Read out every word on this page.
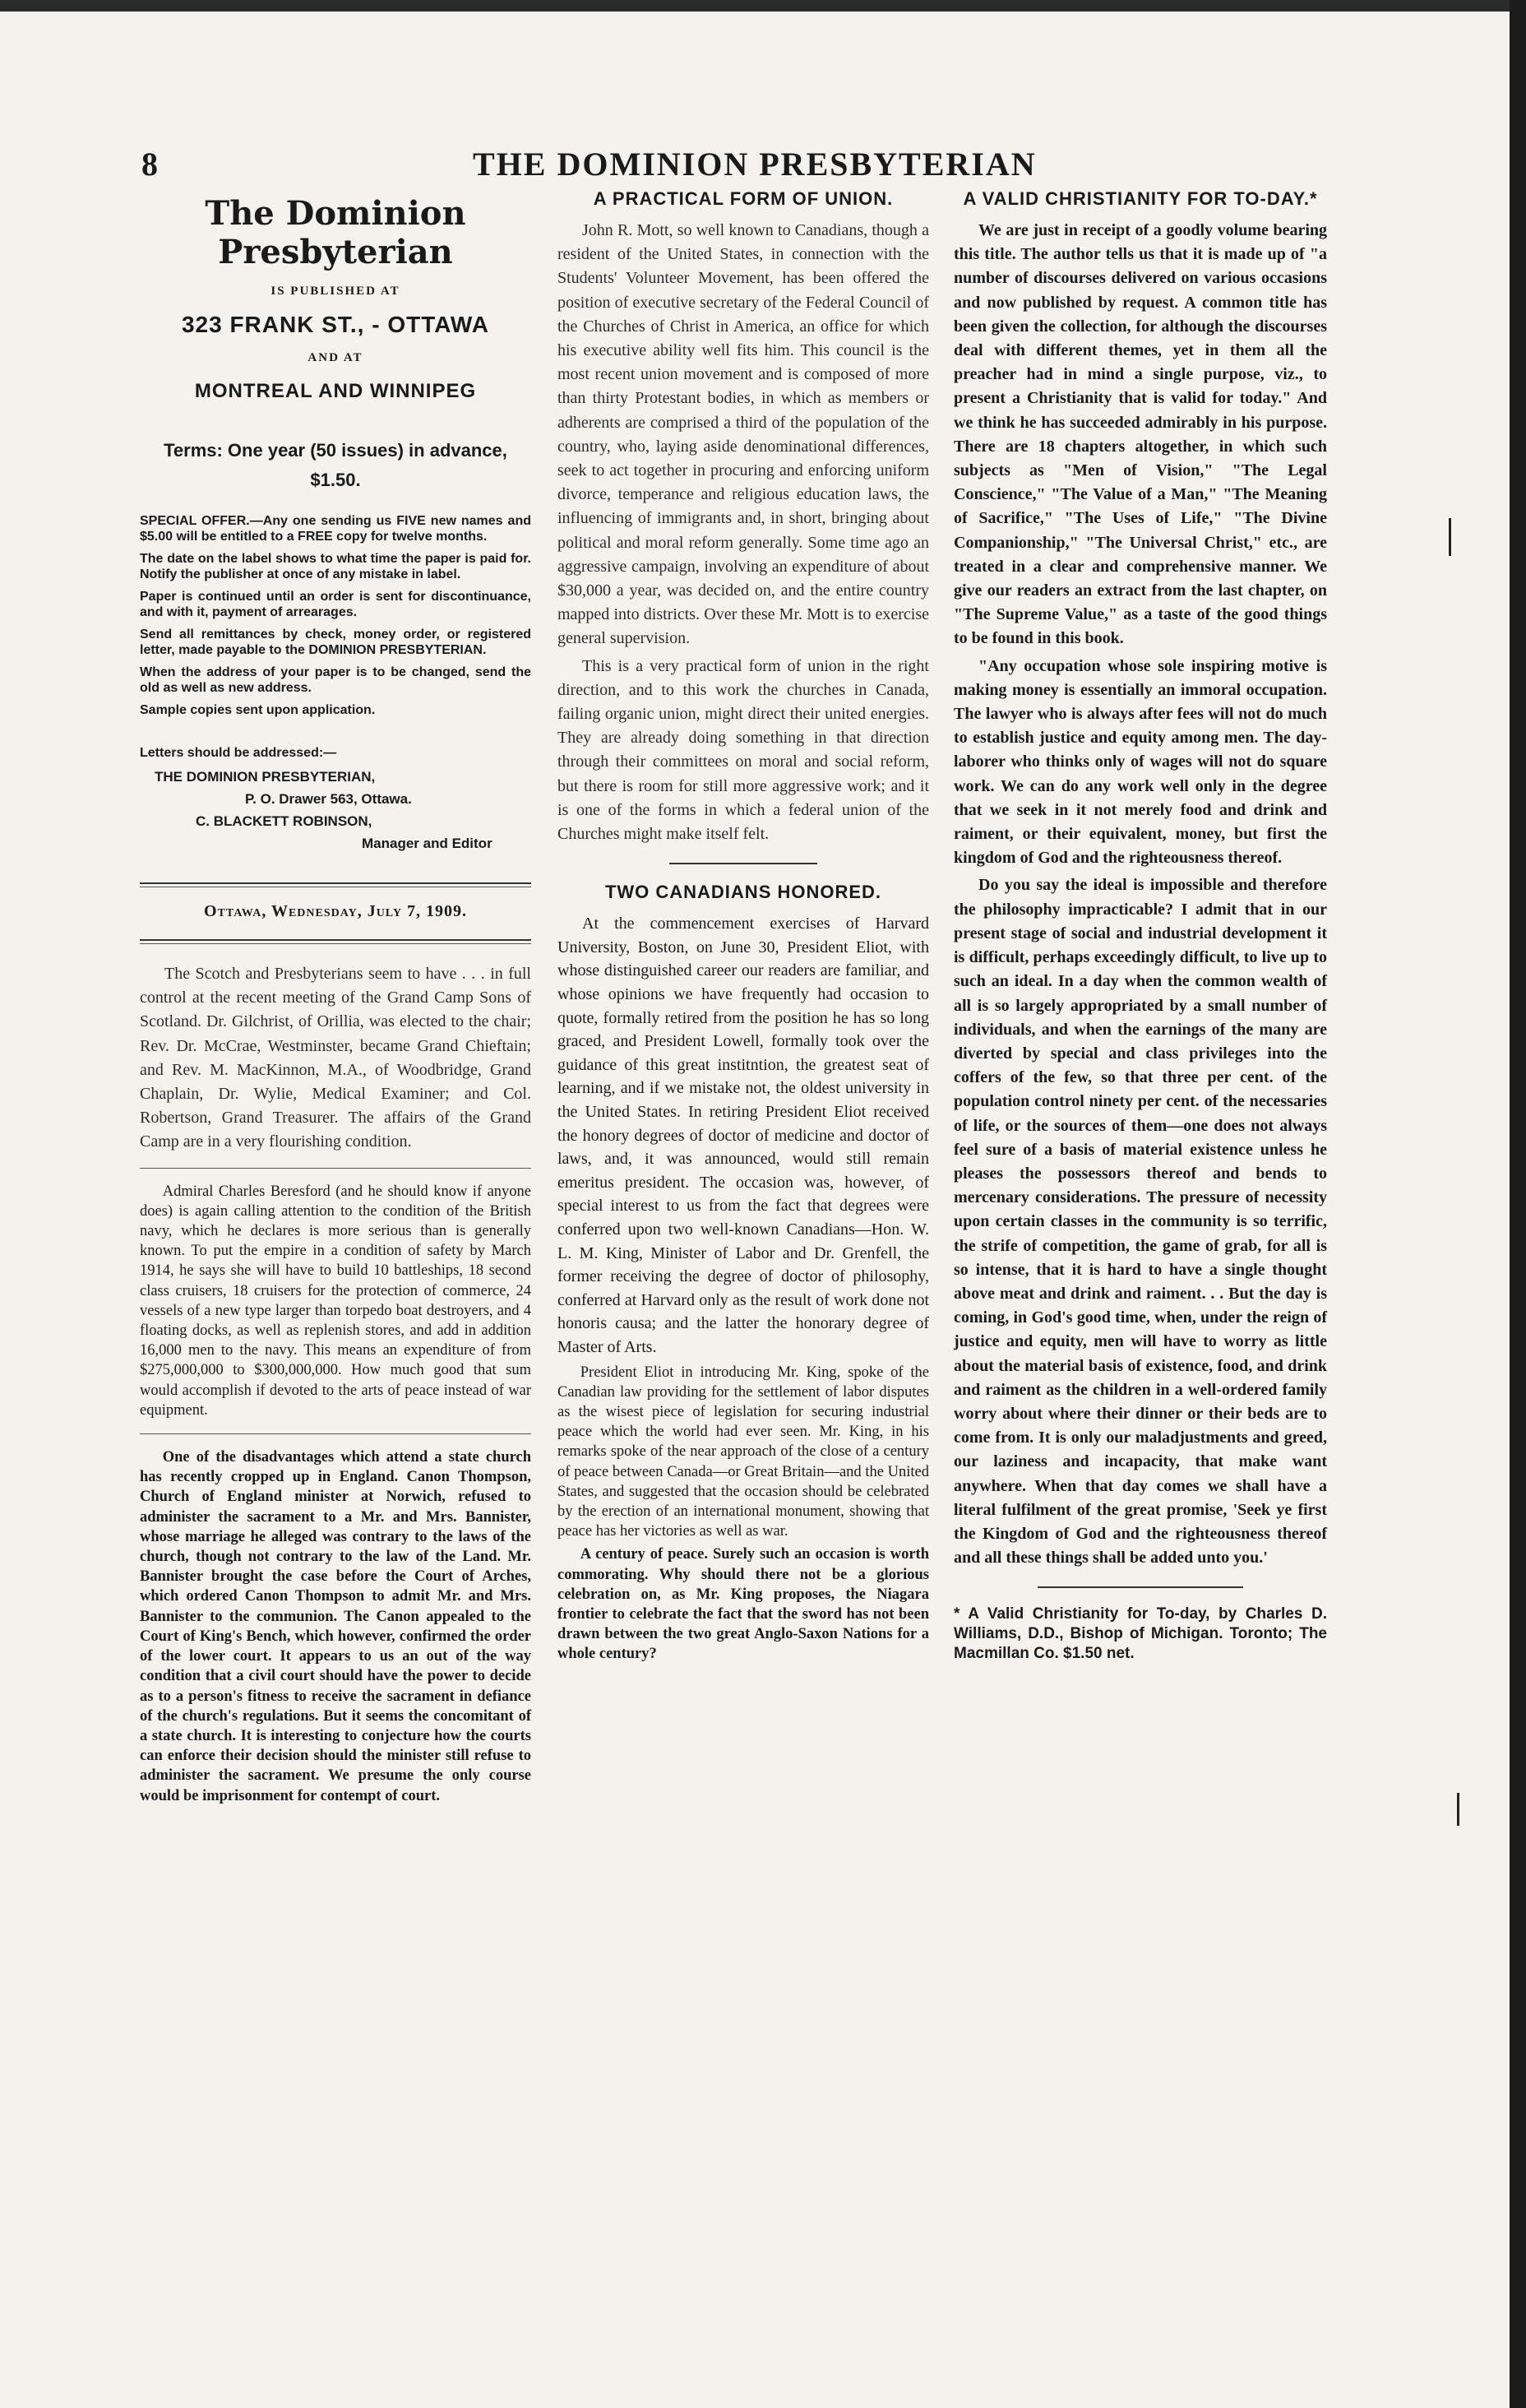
8	THE DOMINION PRESBYTERIAN
The Dominion Presbyterian
IS PUBLISHED AT
323 FRANK ST., - OTTAWA
AND AT
MONTREAL AND WINNIPEG
Terms: One year (50 issues) in advance, $1.50.

SPECIAL OFFER.—Any one sending us FIVE new names and $5.00 will be entitled to a FREE copy for twelve months.

The date on the label shows to what time the paper is paid for. Notify the publisher at once of any mistake in label.

Paper is continued until an order is sent for discontinuance, and with it, payment of arrearages.

Send all remittances by check, money order, or registered letter, made payable to the DOMINION PRESBYTERIAN.

When the address of your paper is to be changed, send the old as well as new address.

Sample copies sent upon application.

Letters should be addressed:—
THE DOMINION PRESBYTERIAN,
P. O. Drawer 563, Ottawa.
C. BLACKETT ROBINSON,
Manager and Editor
Ottawa, Wednesday, July 7, 1909.

The Scotch and Presbyterians seem to have . . . in full control at the recent meeting of the Grand Camp Sons of Scotland. Dr. Gilchrist, of Orillia, was elected to the chair; Rev. Dr. McCrae, Westminster, became Grand Chieftain; and Rev. M. MacKinnon, M.A., of Woodbridge, Grand Chaplain, Dr. Wylie, Medical Examiner; and Col. Robertson, Grand Treasurer. The affairs of the Grand Camp are in a very flourishing condition.

Admiral Charles Beresford (and he should know if anyone does) is again calling attention to the condition of the British navy, which he declares is more serious than is generally known. To put the empire in a condition of safety by March 1914, he says she will have to build 10 battleships, 18 second class cruisers, 18 cruisers for the protection of commerce, 24 vessels of a new type larger than torpedo boat destroyers, and 4 floating docks, as well as replenish stores, and add in addition 16,000 men to the navy. This means an expenditure of from $275,000,000 to $300,000,000. How much good that sum would accomplish if devoted to the arts of peace instead of war equipment.

One of the disadvantages which attend a state church has recently cropped up in England. Canon Thompson, Church of England minister at Norwich, refused to administer the sacrament to a Mr. and Mrs. Bannister, whose marriage he alleged was contrary to the laws of the church, though not contrary to the law of the Land. Mr. Bannister brought the case before the Court of Arches, which ordered Canon Thompson to admit Mr. and Mrs. Bannister to the communion. The Canon appealed to the Court of King's Bench, which however, confirmed the order of the lower court. It appears to us an out of the way condition that a civil court should have the power to decide as to a person's fitness to receive the sacrament in defiance of the church's regulations. But it seems the concomitant of a state church. It is interesting to conjecture how the courts can enforce their decision should the minister still refuse to administer the sacrament. We presume the only course would be imprisonment for contempt of court.

A PRACTICAL FORM OF UNION.

John R. Mott, so well known to Canadians, though a resident of the United States, in connection with the Students' Volunteer Movement, has been offered the position of executive secretary of the Federal Council of the Churches of Christ in America, an office for which his executive ability well fits him. This council is the most recent union movement and is composed of more than thirty Protestant bodies, in which as members or adherents are comprised a third of the population of the country, who, laying aside denominational differences, seek to act together in procuring and enforcing uniform divorce, temperance and religious education laws, the influencing of immigrants and, in short, bringing about political and moral reform generally. Some time ago an aggressive campaign, involving an expenditure of about $30,000 a year, was decided on, and the entire country mapped into districts. Over these Mr. Mott is to exercise general supervision.

This is a very practical form of union in the right direction, and to this work the churches in Canada, failing organic union, might direct their united energies. They are already doing something in that direction through their committees on moral and social reform, but there is room for still more aggressive work; and it is one of the forms in which a federal union of the Churches might make itself felt.

TWO CANADIANS HONORED.

At the commencement exercises of Harvard University, Boston, on June 30, President Eliot, with whose distinguished career our readers are familiar, and whose opinions we have frequently had occasion to quote, formally retired from the position he has so long graced, and President Lowell, formally took over the guidance of this great institntion, the greatest seat of learning, and if we mistake not, the oldest university in the United States. In retiring President Eliot received the honory degrees of doctor of medicine and doctor of laws, and, it was announced, would still remain emeritus president. The occasion was, however, of special interest to us from the fact that degrees were conferred upon two well-known Canadians—Hon. W. L. M. King, Minister of Labor and Dr. Grenfell, the former receiving the degree of doctor of philosophy, conferred at Harvard only as the result of work done not honoris causa; and the latter the honorary degree of Master of Arts.

President Eliot in introducing Mr. King, spoke of the Canadian law providing for the settlement of labor disputes as the wisest piece of legislation for securing industrial peace which the world had ever seen. Mr. King, in his remarks spoke of the near approach of the close of a century of peace between Canada—or Great Britain—and the United States, and suggested that the occasion should be celebrated by the erection of an international monument, showing that peace has her victories as well as war.

A century of peace. Surely such an occasion is worth commorating. Why should there not be a glorious celebration on, as Mr. King proposes, the Niagara frontier to celebrate the fact that the sword has not been drawn between the two great Anglo-Saxon Nations for a whole century?

A VALID CHRISTIANITY FOR TO-DAY.*

We are just in receipt of a goodly volume bearing this title. The author tells us that it is made up of "a number of discourses delivered on various occasions and now published by request. A common title has been given the collection, for although the discourses deal with different themes, yet in them all the preacher had in mind a single purpose, viz., to present a Christianity that is valid for today." And we think he has succeeded admirably in his purpose. There are 18 chapters altogether, in which such subjects as "Men of Vision," "The Legal Conscience," "The Value of a Man," "The Meaning of Sacrifice," "The Uses of Life," "The Divine Companionship," "The Universal Christ," etc., are treated in a clear and comprehensive manner. We give our readers an extract from the last chapter, on "The Supreme Value," as a taste of the good things to be found in this book.

"Any occupation whose sole inspiring motive is making money is essentially an immoral occupation. The lawyer who is always after fees will not do much to establish justice and equity among men. The day-laborer who thinks only of wages will not do square work. We can do any work well only in the degree that we seek in it not merely food and drink and raiment, or their equivalent, money, but first the kingdom of God and the righteousness thereof.

Do you say the ideal is impossible and therefore the philosophy impracticable? I admit that in our present stage of social and industrial development it is difficult, perhaps exceedingly difficult, to live up to such an ideal. In a day when the common wealth of all is so largely appropriated by a small number of individuals, and when the earnings of the many are diverted by special and class privileges into the coffers of the few, so that three per cent. of the population control ninety per cent. of the necessaries of life, or the sources of them—one does not always feel sure of a basis of material existence unless he pleases the possessors thereof and bends to mercenary considerations. The pressure of necessity upon certain classes in the community is so terrific, the strife of competition, the game of grab, for all is so intense, that it is hard to have a single thought above meat and drink and raiment. . . But the day is coming, in God's good time, when, under the reign of justice and equity, men will have to worry as little about the material basis of existence, food, and drink and raiment as the children in a well-ordered family worry about where their dinner or their beds are to come from. It is only our maladjustments and greed, our laziness and incapacity, that make want anywhere. When that day comes we shall have a literal fulfilment of the great promise, 'Seek ye first the Kingdom of God and the righteousness thereof and all these things shall be added unto you.'

* A Valid Christianity for To-day, by Charles D. Williams, D.D., Bishop of Michigan. Toronto; The Macmillan Co. $1.50 net.
